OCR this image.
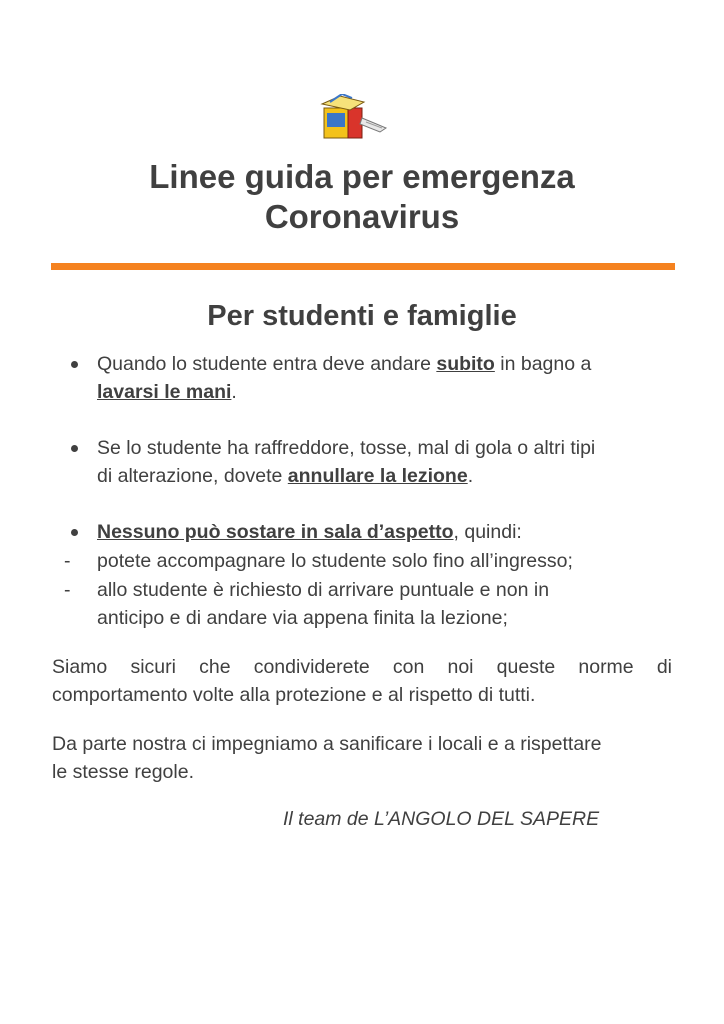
Linee guida per emergenza
Coronavirus
Per studenti e famiglie
Quando lo studente entra deve andare subito in bagno a
lavarsi le mani.
Se lo studente ha raffreddore, tosse, mal di gola o altri tipi
di alterazione, dovete annullare la lezione.
Nessuno può sostare in sala d’aspetto, quindi:
- potete accompagnare lo studente solo fino all’ingresso;
- allo studente è richiesto di arrivare puntuale e non in
anticipo e di andare via appena finita la lezione;
Siamo sicuri che condividerete con noi queste norme di
comportamento volte alla protezione e al rispetto di tutti.
Da parte nostra ci impegniamo a sanificare i locali e a rispettare
le stesse regole.
Il team de L’ANGOLO DEL SAPERE
